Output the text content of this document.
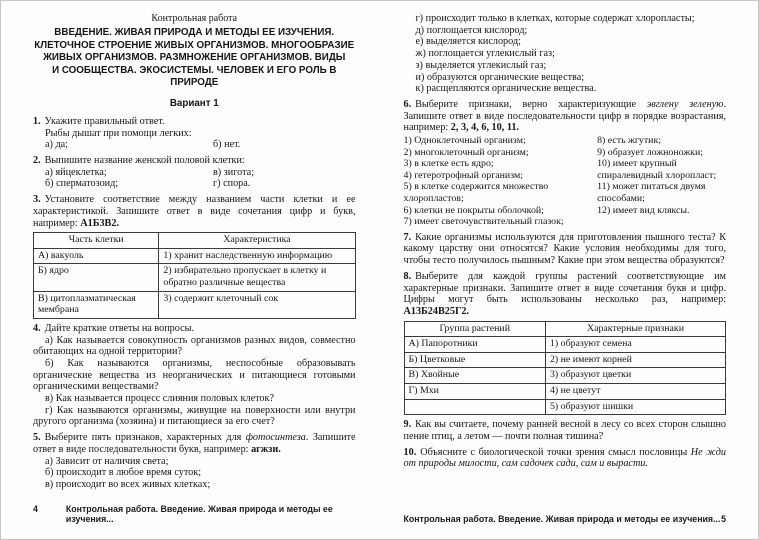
Контрольная работа
ВВЕДЕНИЕ. ЖИВАЯ ПРИРОДА И МЕТОДЫ ЕЕ ИЗУЧЕНИЯ.
КЛЕТОЧНОЕ СТРОЕНИЕ ЖИВЫХ ОРГАНИЗМОВ. МНОГООБРАЗИЕ
ЖИВЫХ ОРГАНИЗМОВ. РАЗМНОЖЕНИЕ ОРГАНИЗМОВ. ВИДЫ
И СООБЩЕСТВА. ЭКОСИСТЕМЫ. ЧЕЛОВЕК И ЕГО РОЛЬ В ПРИРОДЕ
Вариант 1
1. Укажите правильный ответ.
Рыбы дышат при помощи легких:
а) да;	б) нет.
2. Выпишите название женской половой клетки:
а) яйцеклетка;
б) сперматозоид;
в) зигота;
г) спора.
3. Установите соответствие между названием части клетки и ее характеристикой. Запишите ответ в виде сочетания цифр и букв, например: А1Б3В2.
Часть клетки	Характеристика
А) вакуоль	1) хранит наследственную информацию
Б) ядро	2) избирательно пропускает в клетку и обратно различные вещества
В) цитоплазматическая мембрана	3) содержит клеточный сок
4. Дайте краткие ответы на вопросы.
а) Как называется совокупность организмов разных видов, совместно обитающих на одной территории?
б) Как называются организмы, неспособные образовывать органические вещества из неорганических и питающиеся готовыми органическими веществами?
в) Как называется процесс слияния половых клеток?
г) Как называются организмы, живущие на поверхности или внутри другого организма (хозяина) и питающиеся за его счет?
5. Выберите пять признаков, характерных для фотосинтеза. Запишите ответ в виде последовательности букв, например: агжзи.
а) Зависит от наличия света;
б) происходит в любое время суток;
в) происходит во всех живых клетках;
4	Контрольная работа. Введение. Живая природа и методы ее изучения...
г) происходит только в клетках, которые содержат хлоропласты;
д) поглощается кислород;
е) выделяется кислород;
ж) поглощается углекислый газ;
з) выделяется углекислый газ;
и) образуются органические вещества;
к) расщепляются органические вещества.
6. Выберите признаки, верно характеризующие эвглену зеленую. Запишите ответ в виде последовательности цифр в порядке возрастания, например: 2, 3, 4, 6, 10, 11.
1) Одноклеточный организм;
2) многоклеточный организм;
3) в клетке есть ядро;
4) гетеротрофный организм;
5) в клетке содержится множество хлоропластов;
6) клетки не покрыты оболочкой;
7) имеет светочувствительный глазок;
8) есть жгутик;
9) образует ложноножки;
10) имеет крупный спиралевидный хлоропласт;
11) может питаться двумя способами;
12) имеет вид кляксы.
7. Какие организмы используются для приготовления пышного теста? К какому царству они относятся? Какие условия необходимы для того, чтобы тесто получилось пышным? Какие при этом вещества образуются?
8. Выберите для каждой группы растений соответствующие им характерные признаки. Запишите ответ в виде сочетания букв и цифр. Цифры могут быть использованы несколько раз, например: А13Б24В25Г2.
Группа растений	Характерные признаки
А) Папоротники	1) образуют семена
Б) Цветковые	2) не имеют корней
В) Хвойные	3) образуют цветки
Г) Мхи	4) не цветут
	5) образуют шишки
9. Как вы считаете, почему ранней весной в лесу со всех сторон слышно пение птиц, а летом — почти полная тишина?
10. Объясните с биологической точки зрения смысл пословицы Не жди от природы милости, сам садочек сади, сам и вырасти.
Контрольная работа. Введение. Живая природа и методы ее изучения... 5
